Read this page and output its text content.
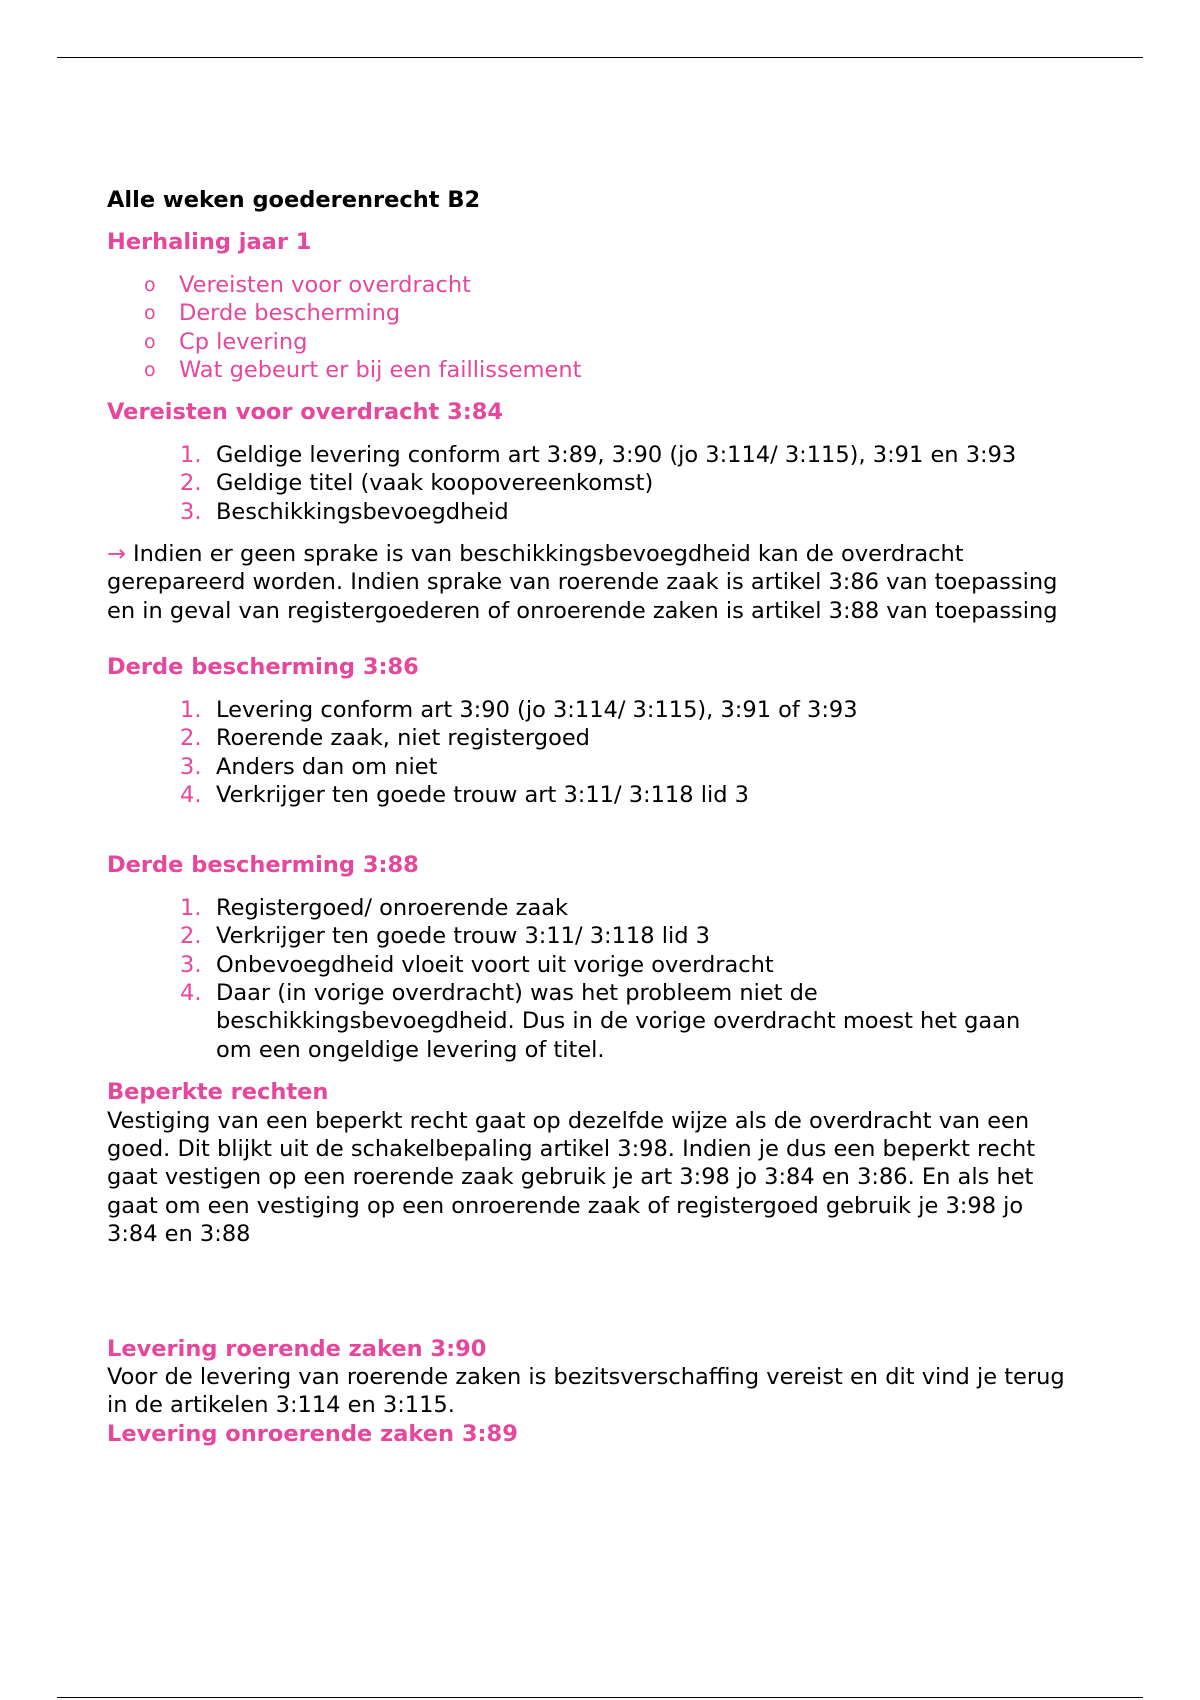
Alle weken goederenrecht B2
Herhaling jaar 1
o Vereisten voor overdracht
o Derde bescherming
o Cp levering
o Wat gebeurt er bij een faillissement
Vereisten voor overdracht 3:84
1. Geldige levering conform art 3:89, 3:90 (jo 3:114/ 3:115), 3:91 en 3:93
2. Geldige titel (vaak koopovereenkomst)
3. Beschikkingsbevoegdheid

→ Indien er geen sprake is van beschikkingsbevoegdheid kan de overdracht gerepareerd worden. Indien sprake van roerende zaak is artikel 3:86 van toepassing en in geval van registergoederen of onroerende zaken is artikel 3:88 van toepassing

Derde bescherming 3:86
1. Levering conform art 3:90 (jo 3:114/ 3:115), 3:91 of 3:93
2. Roerende zaak, niet registergoed
3. Anders dan om niet
4. Verkrijger ten goede trouw art 3:11/ 3:118 lid 3
Derde bescherming 3:88
1. Registergoed/ onroerende zaak
2. Verkrijger ten goede trouw 3:11/ 3:118 lid 3
3. Onbevoegdheid vloeit voort uit vorige overdracht
4. Daar (in vorige overdracht) was het probleem niet de beschikkingsbevoegdheid. Dus in de vorige overdracht moest het gaan om een ongeldige levering of titel.
Beperkte rechten

Vestiging van een beperkt recht gaat op dezelfde wijze als de overdracht van een goed. Dit blijkt uit de schakelbepaling artikel 3:98. Indien je dus een beperkt recht gaat vestigen op een roerende zaak gebruik je art 3:98 jo 3:84 en 3:86. En als het gaat om een vestiging op een onroerende zaak of registergoed gebruik je 3:98 jo 3:84 en 3:88

Levering roerende zaken 3:90

Voor de levering van roerende zaken is bezitsverschaffing vereist en dit vind je terug in de artikelen 3:114 en 3:115.

Levering onroerende zaken 3:89
